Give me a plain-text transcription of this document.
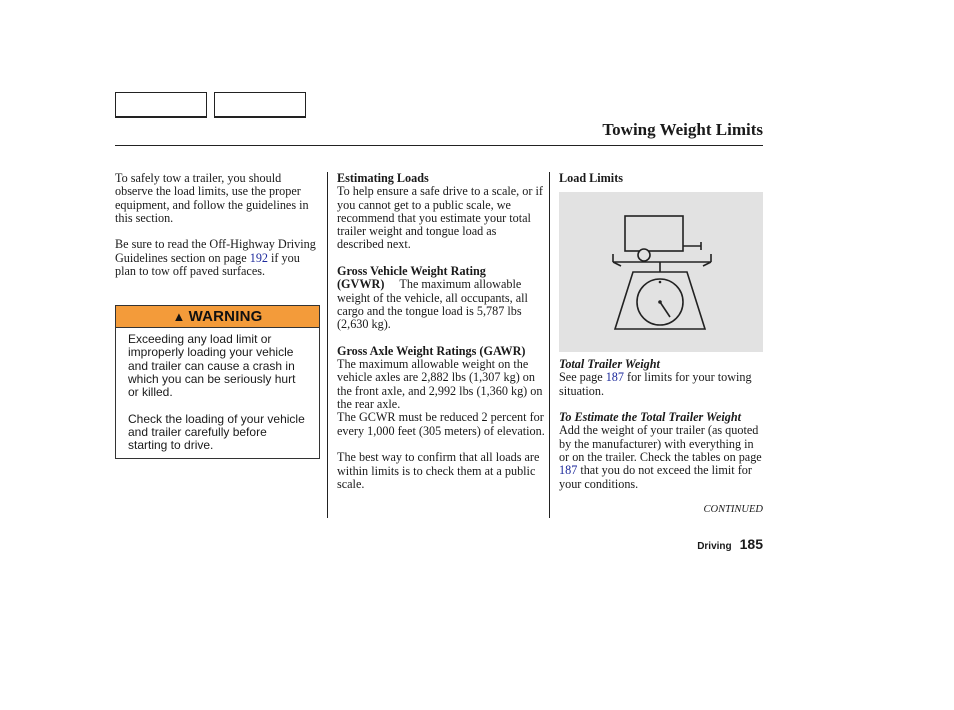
Towing Weight Limits

To safely tow a trailer, you should observe the load limits, use the proper equipment, and follow the guidelines in this section.

Be sure to read the Off-Highway Driving Guidelines section on page 192 if you plan to tow off paved surfaces.

▲ WARNING

Exceeding any load limit or improperly loading your vehicle and trailer can cause a crash in which you can be seriously hurt or killed.

Check the loading of your vehicle and trailer carefully before starting to drive.

Estimating Loads

To help ensure a safe drive to a scale, or if you cannot get to a public scale, we recommend that you estimate your total trailer weight and tongue load as described next.

Gross Vehicle Weight Rating (GVWR) The maximum allowable weight of the vehicle, all occupants, all cargo and the tongue load is 5,787 lbs (2,630 kg).

Gross Axle Weight Ratings (GAWR)     The maximum allowable weight on the vehicle axles are 2,882 lbs (1,307 kg) on the front axle, and 2,992 lbs (1,360 kg) on the rear axle.

The GCWR must be reduced 2 percent for every 1,000 feet (305 meters) of elevation.

The best way to confirm that all loads are within limits is to check them at a public scale.

Load Limits

Total Trailer Weight

See page 187 for limits for your towing situation.

To Estimate the Total Trailer Weight

Add the weight of your trailer (as quoted by the manufacturer) with everything in or on the trailer. Check the tables on page 187 that you do not exceed the limit for your conditions.

CONTINUED
Driving 185
